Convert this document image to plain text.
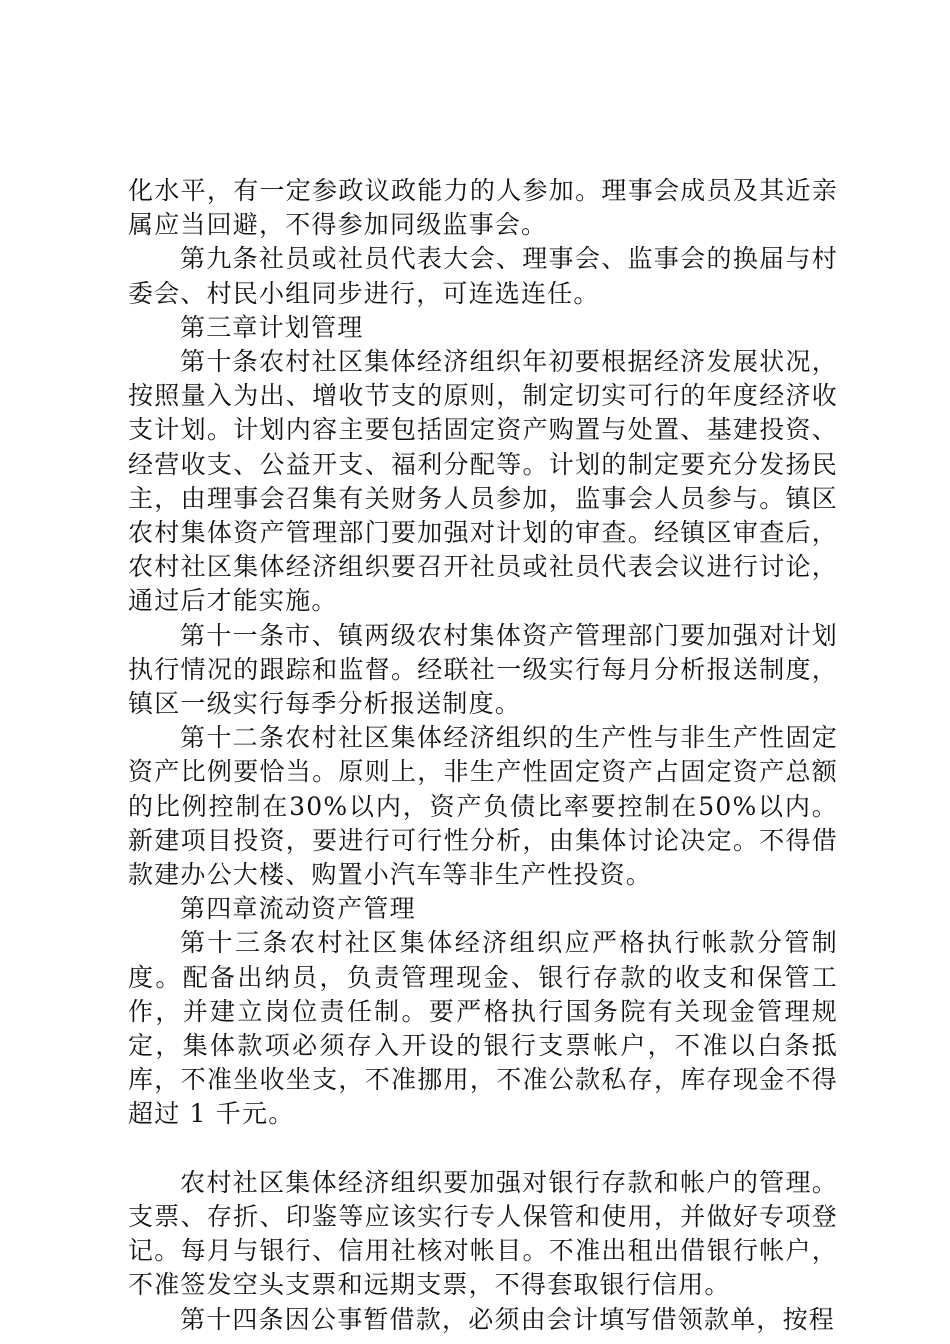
化水平，有一定参政议政能力的人参加。理事会成员及其近亲属应当回避，不得参加同级监事会。

第九条社员或社员代表大会、理事会、监事会的换届与村委会、村民小组同步进行，可连选连任。

第三章计划管理

第十条农村社区集体经济组织年初要根据经济发展状况，按照量入为出、增收节支的原则，制定切实可行的年度经济收支计划。计划内容主要包括固定资产购置与处置、基建投资、经营收支、公益开支、福利分配等。计划的制定要充分发扬民主，由理事会召集有关财务人员参加，监事会人员参与。镇区农村集体资产管理部门要加强对计划的审查。经镇区审查后，农村社区集体经济组织要召开社员或社员代表会议进行讨论，通过后才能实施。

第十一条市、镇两级农村集体资产管理部门要加强对计划执行情况的跟踪和监督。经联社一级实行每月分析报送制度，镇区一级实行每季分析报送制度。

第十二条农村社区集体经济组织的生产性与非生产性固定资产比例要恰当。原则上，非生产性固定资产占固定资产总额的比例控制在30%以内，资产负债比率要控制在50%以内。新建项目投资，要进行可行性分析，由集体讨论决定。不得借款建办公大楼、购置小汽车等非生产性投资。

第四章流动资产管理

第十三条农村社区集体经济组织应严格执行帐款分管制度。配备出纳员，负责管理现金、银行存款的收支和保管工作，并建立岗位责任制。要严格执行国务院有关现金管理规定，集体款项必须存入开设的银行支票帐户，不准以白条抵库，不准坐收坐支，不准挪用，不准公款私存，库存现金不得超过 1 千元。

农村社区集体经济组织要加强对银行存款和帐户的管理。支票、存折、印鉴等应该实行专人保管和使用，并做好专项登记。每月与银行、信用社核对帐目。不准出租出借银行帐户，不准签发空头支票和远期支票，不得套取银行信用。

第十四条因公事暂借款，必须由会计填写借领款单，按程
